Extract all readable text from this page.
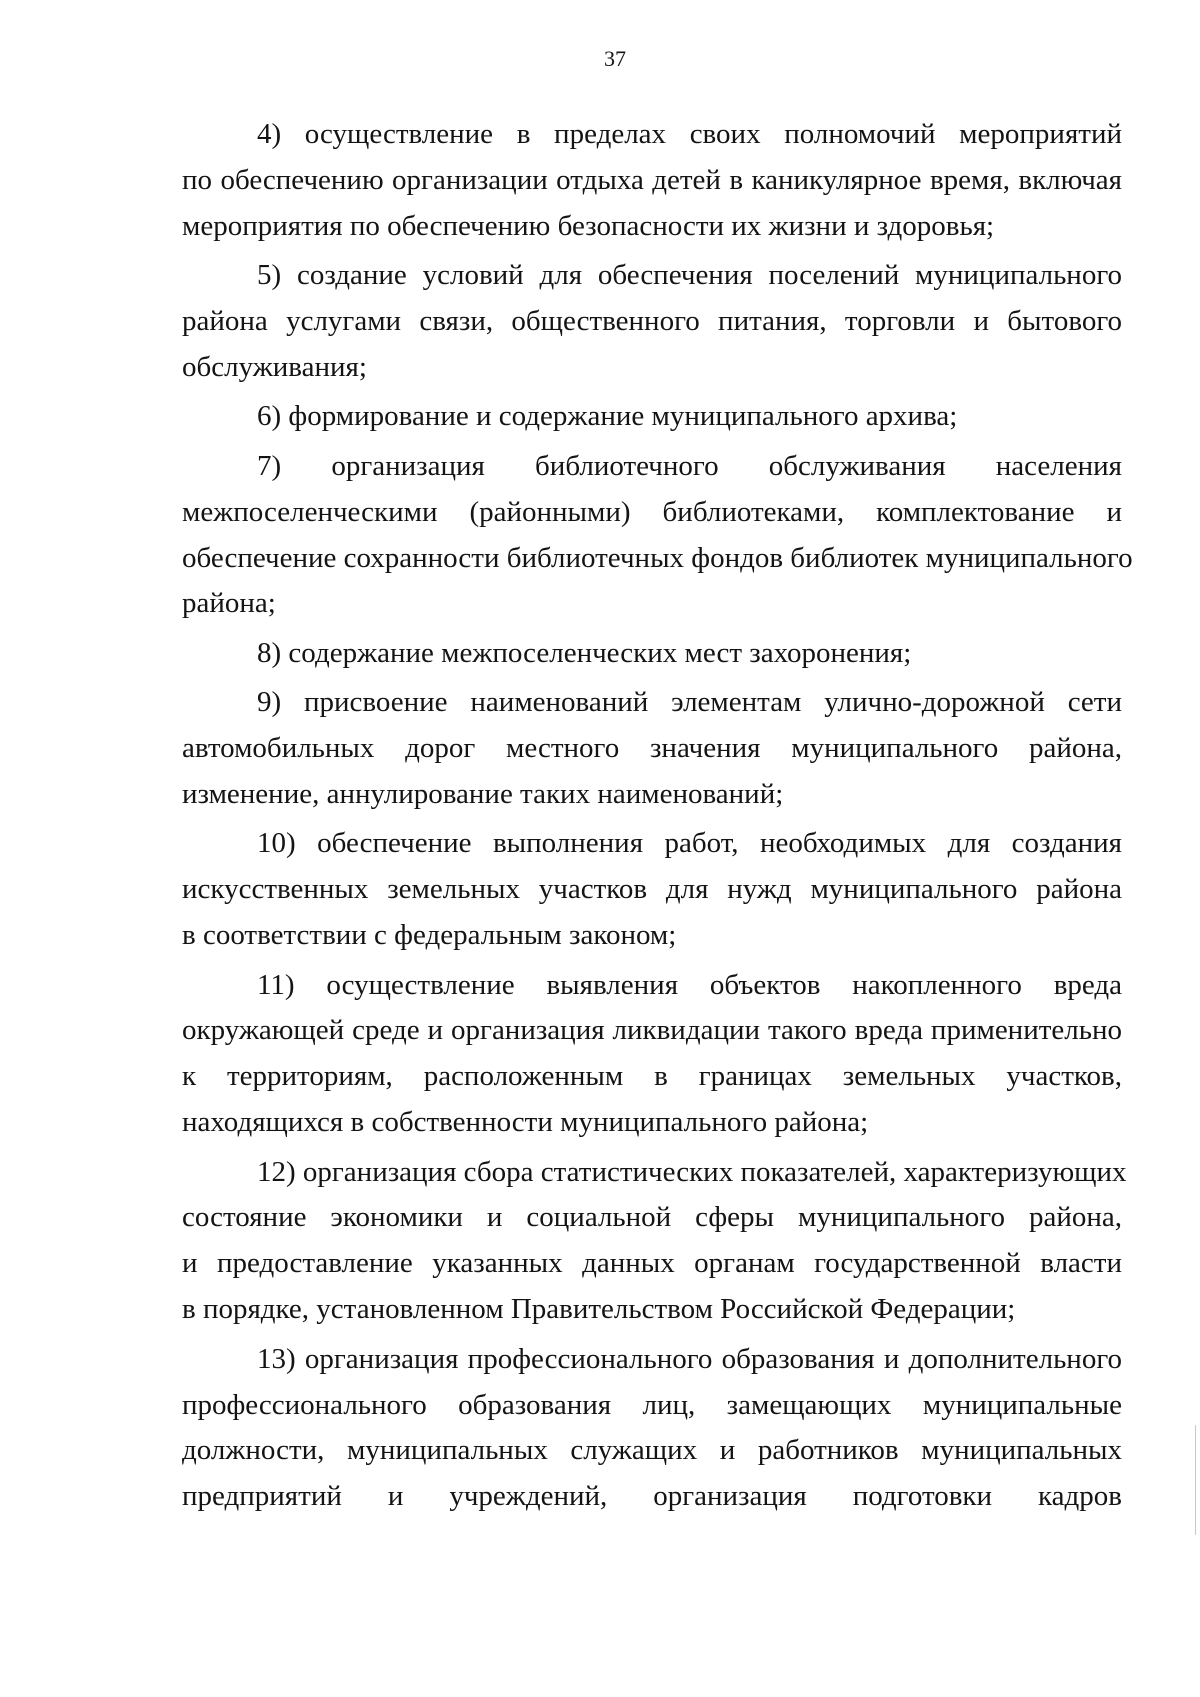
37
4) осуществление в пределах своих полномочий мероприятий
по обеспечению организации отдыха детей в каникулярное время, включая
мероприятия по обеспечению безопасности их жизни и здоровья;
5) создание условий для обеспечения поселений муниципального
района услугами связи, общественного питания, торговли и бытового
обслуживания;
6) формирование и содержание муниципального архива;
7) организация библиотечного обслуживания населения
межпоселенческими (районными) библиотеками, комплектование и
обеспечение сохранности библиотечных фондов библиотек муниципального
района;
8) содержание межпоселенческих мест захоронения;
9) присвоение наименований элементам улично-дорожной сети
автомобильных дорог местного значения муниципального района,
изменение, аннулирование таких наименований;
10) обеспечение выполнения работ, необходимых для создания
искусственных земельных участков для нужд муниципального района
в соответствии с федеральным законом;
11) осуществление выявления объектов накопленного вреда
окружающей среде и организация ликвидации такого вреда применительно
к территориям, расположенным в границах земельных участков,
находящихся в собственности муниципального района;
12) организация сбора статистических показателей, характеризующих
состояние экономики и социальной сферы муниципального района,
и предоставление указанных данных органам государственной власти
в порядке, установленном Правительством Российской Федерации;
13) организация профессионального образования и дополнительного
профессионального образования лиц, замещающих муниципальные
должности, муниципальных служащих и работников муниципальных
предприятий и учреждений, организация подготовки кадров
